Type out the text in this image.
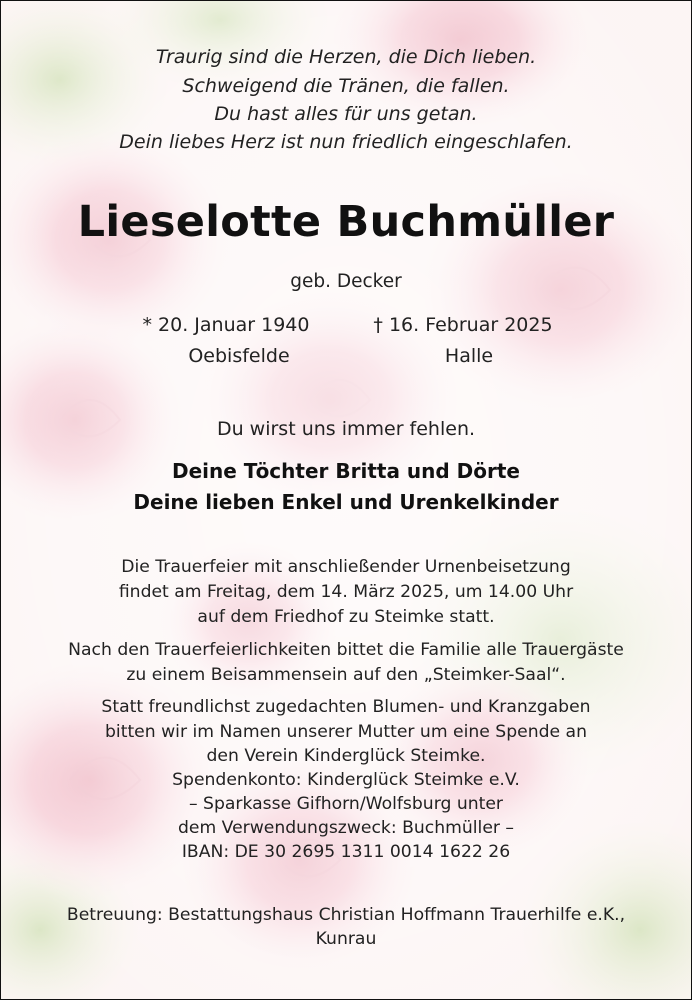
Traurig sind die Herzen, die Dich lieben.
Schweigend die Tränen, die fallen.
Du hast alles für uns getan.
Dein liebes Herz ist nun friedlich eingeschlafen.
Lieselotte Buchmüller
geb. Decker
* 20. Januar 1940
Oebisfelde
† 16. Februar 2025
Halle
Du wirst uns immer fehlen.
Deine Töchter Britta und Dörte
Deine lieben Enkel und Urenkelkinder
Die Trauerfeier mit anschließender Urnenbeisetzung
findet am Freitag, dem 14. März 2025, um 14.00 Uhr
auf dem Friedhof zu Steimke statt.
Nach den Trauerfeierlichkeiten bittet die Familie alle Trauergäste
zu einem Beisammensein auf den „Steimker-Saal“.
Statt freundlichst zugedachten Blumen- und Kranzgaben
bitten wir im Namen unserer Mutter um eine Spende an
den Verein Kinderglück Steimke.
Spendenkonto: Kinderglück Steimke e.V.
– Sparkasse Gifhorn/Wolfsburg unter
dem Verwendungszweck: Buchmüller –
IBAN: DE 30 2695 1311 0014 1622 26
Betreuung: Bestattungshaus Christian Hoffmann Trauerhilfe e.K.,
Kunrau
